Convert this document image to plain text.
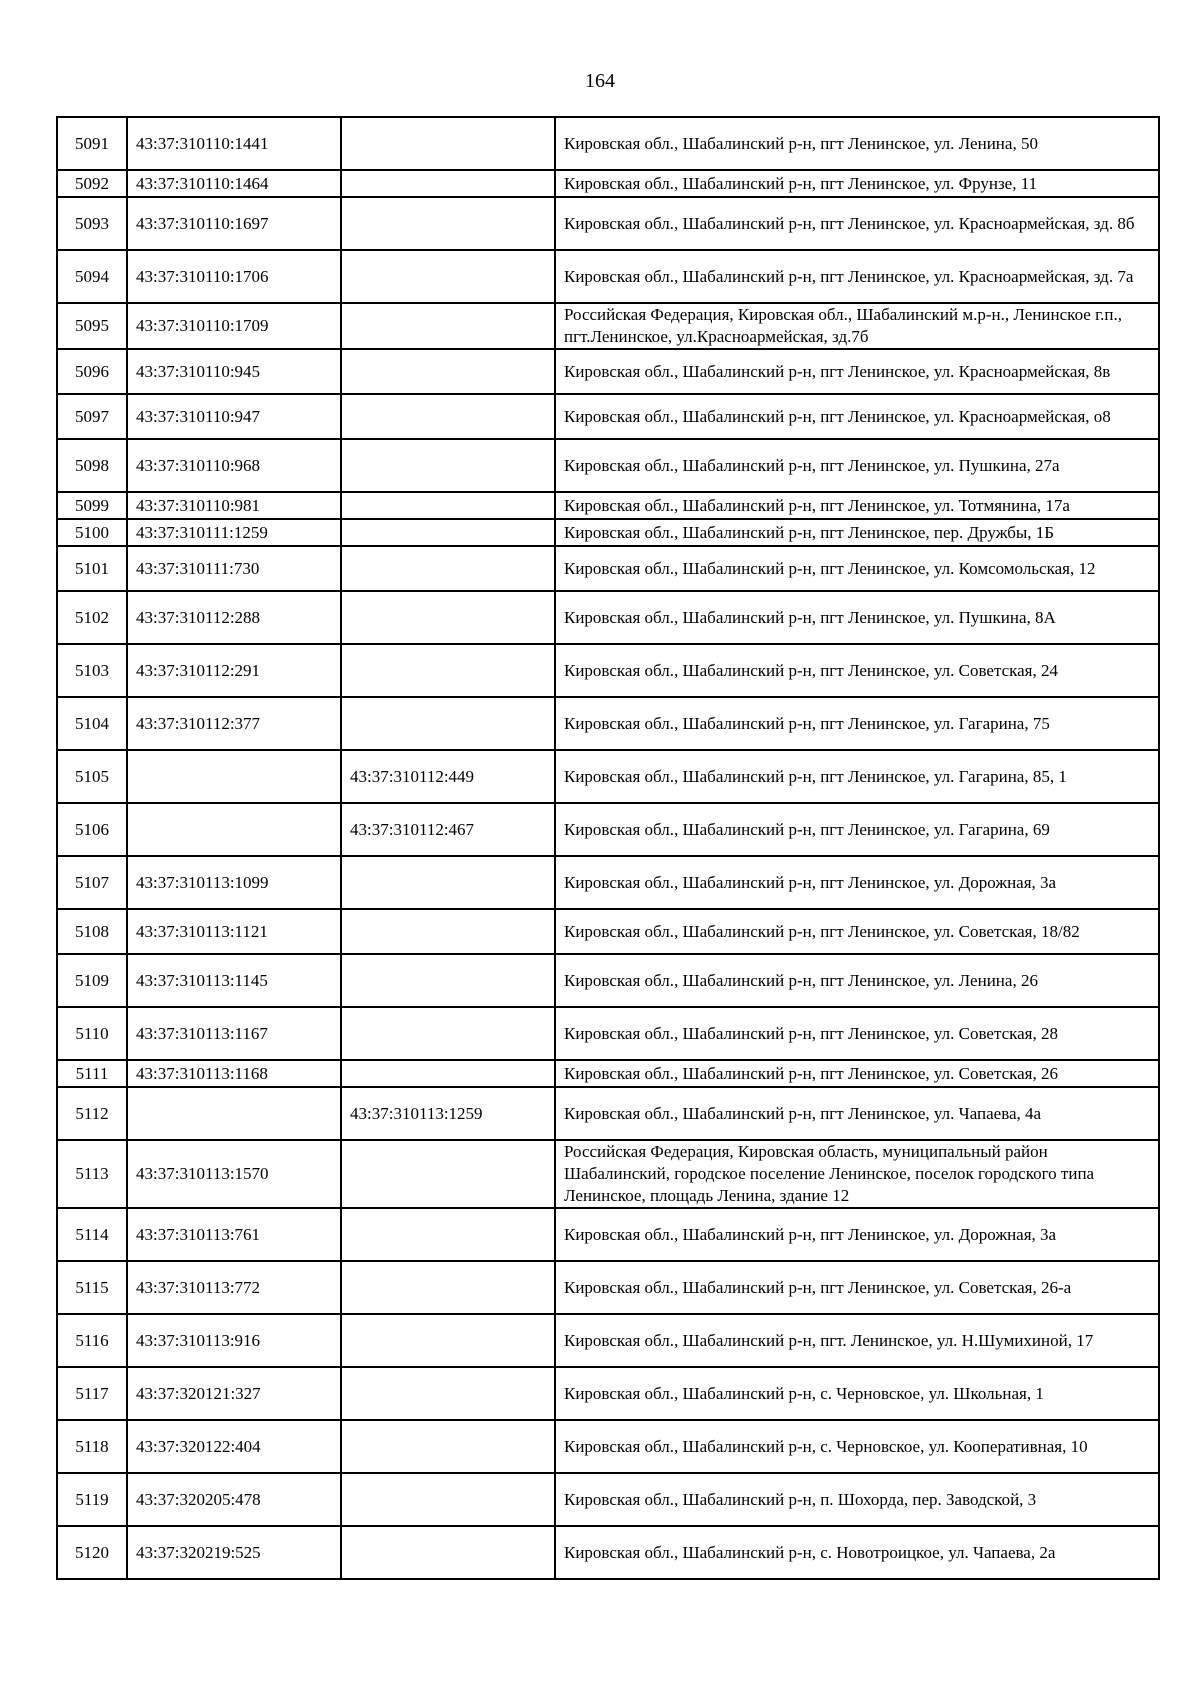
164
5091	43:37:310110:1441		Кировская обл., Шабалинский р-н, пгт Ленинское, ул. Ленина, 50
5092	43:37:310110:1464		Кировская обл., Шабалинский р-н, пгт Ленинское, ул. Фрунзе, 11
5093	43:37:310110:1697		Кировская обл., Шабалинский р-н, пгт Ленинское, ул. Красноармейская, зд. 8б
5094	43:37:310110:1706		Кировская обл., Шабалинский р-н, пгт Ленинское, ул. Красноармейская, зд. 7а
5095	43:37:310110:1709		Российская Федерация, Кировская обл., Шабалинский м.р-н., Ленинское г.п., пгт.Ленинское, ул.Красноармейская, зд.7б
5096	43:37:310110:945		Кировская обл., Шабалинский р-н, пгт Ленинское, ул. Красноармейская, 8в
5097	43:37:310110:947		Кировская обл., Шабалинский р-н, пгт Ленинское, ул. Красноармейская, о8
5098	43:37:310110:968		Кировская обл., Шабалинский р-н, пгт Ленинское, ул. Пушкина, 27а
5099	43:37:310110:981		Кировская обл., Шабалинский р-н, пгт Ленинское, ул. Тотмянина, 17а
5100	43:37:310111:1259		Кировская обл., Шабалинский р-н, пгт Ленинское, пер. Дружбы, 1Б
5101	43:37:310111:730		Кировская обл., Шабалинский р-н, пгт Ленинское, ул. Комсомольская, 12
5102	43:37:310112:288		Кировская обл., Шабалинский р-н, пгт Ленинское, ул. Пушкина, 8А
5103	43:37:310112:291		Кировская обл., Шабалинский р-н, пгт Ленинское, ул. Советская, 24
5104	43:37:310112:377		Кировская обл., Шабалинский р-н, пгт Ленинское, ул. Гагарина, 75
5105		43:37:310112:449	Кировская обл., Шабалинский р-н, пгт Ленинское, ул. Гагарина, 85, 1
5106		43:37:310112:467	Кировская обл., Шабалинский р-н, пгт Ленинское, ул. Гагарина, 69
5107	43:37:310113:1099		Кировская обл., Шабалинский р-н, пгт Ленинское, ул. Дорожная, 3а
5108	43:37:310113:1121		Кировская обл., Шабалинский р-н, пгт Ленинское, ул. Советская, 18/82
5109	43:37:310113:1145		Кировская обл., Шабалинский р-н, пгт Ленинское, ул. Ленина, 26
5110	43:37:310113:1167		Кировская обл., Шабалинский р-н, пгт Ленинское, ул. Советская, 28
5111	43:37:310113:1168		Кировская обл., Шабалинский р-н, пгт Ленинское, ул. Советская, 26
5112		43:37:310113:1259	Кировская обл., Шабалинский р-н, пгт Ленинское, ул. Чапаева, 4а
5113	43:37:310113:1570		Российская Федерация, Кировская область, муниципальный район Шабалинский, городское поселение Ленинское, поселок городского типа Ленинское, площадь Ленина, здание 12
5114	43:37:310113:761		Кировская обл., Шабалинский р-н, пгт Ленинское, ул. Дорожная, 3а
5115	43:37:310113:772		Кировская обл., Шабалинский р-н, пгт Ленинское, ул. Советская, 26-а
5116	43:37:310113:916		Кировская обл., Шабалинский р-н, пгт. Ленинское, ул. Н.Шумихиной, 17
5117	43:37:320121:327		Кировская обл., Шабалинский р-н, с. Черновское, ул. Школьная, 1
5118	43:37:320122:404		Кировская обл., Шабалинский р-н, с. Черновское, ул. Кооперативная, 10
5119	43:37:320205:478		Кировская обл., Шабалинский р-н, п. Шохорда, пер. Заводской, 3
5120	43:37:320219:525		Кировская обл., Шабалинский р-н, с. Новотроицкое, ул. Чапаева, 2а
